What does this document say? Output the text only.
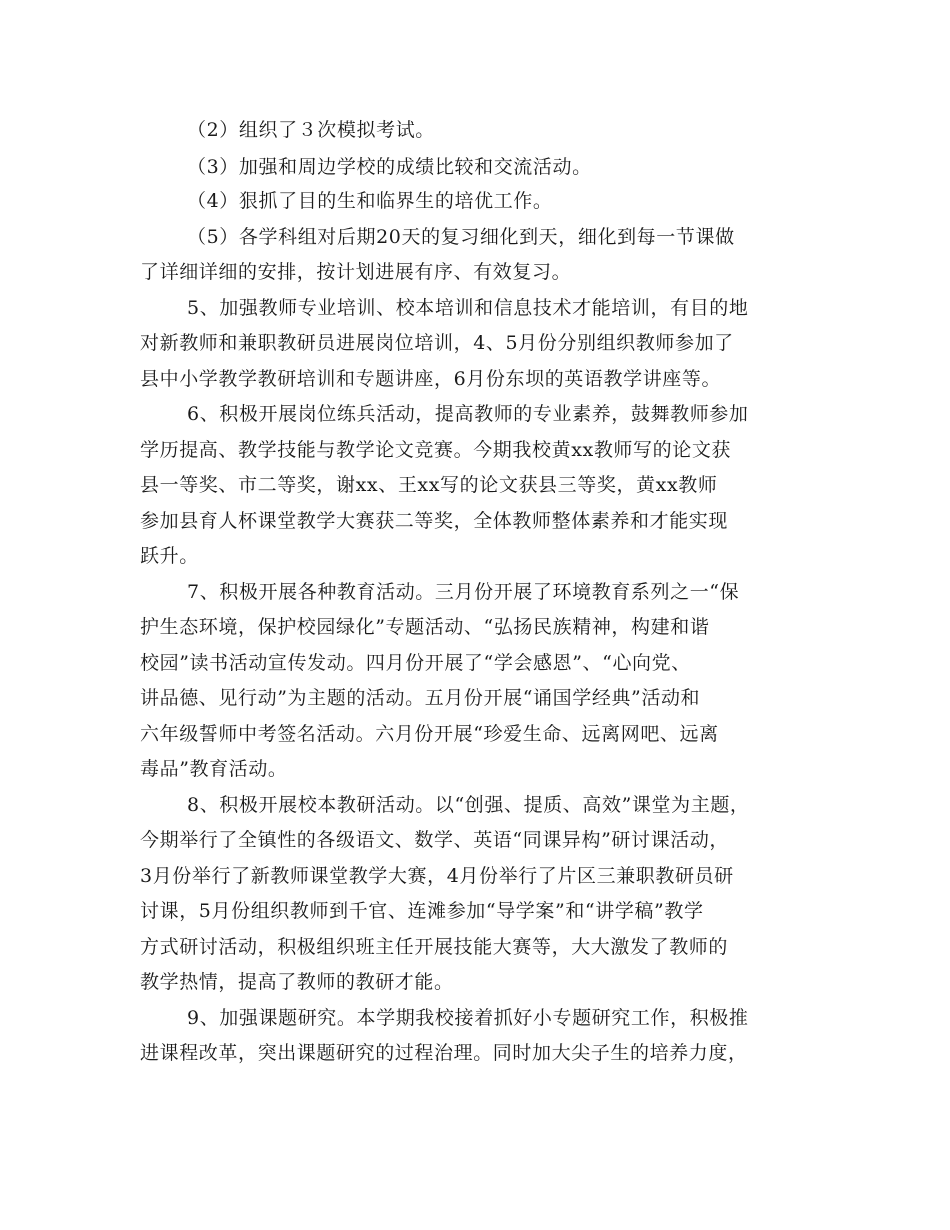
（2）组织了３次模拟考试。
（3）加强和周边学校的成绩比较和交流活动。
（4）狠抓了目的生和临界生的培优工作。
（5）各学科组对后期20天的复习细化到天，细化到每一节课做
了详细详细的安排，按计划进展有序、有效复习。
5、加强教师专业培训、校本培训和信息技术才能培训，有目的地
对新教师和兼职教研员进展岗位培训，4、5月份分别组织教师参加了
县中小学教学教研培训和专题讲座，6月份东坝的英语教学讲座等。
6、积极开展岗位练兵活动，提高教师的专业素养，鼓舞教师参加
学历提高、教学技能与教学论文竞赛。今期我校黄xx教师写的论文获
县一等奖、市二等奖，谢xx、王xx写的论文获县三等奖，黄xx教师
参加县育人杯课堂教学大赛获二等奖，全体教师整体素养和才能实现
跃升。
7、积极开展各种教育活动。三月份开展了环境教育系列之一“保
护生态环境，保护校园绿化”专题活动、“弘扬民族精神，构建和谐
校园”读书活动宣传发动。四月份开展了“学会感恩”、“心向党、
讲品德、见行动”为主题的活动。五月份开展“诵国学经典”活动和
六年级誓师中考签名活动。六月份开展“珍爱生命、远离网吧、远离
毒品”教育活动。
8、积极开展校本教研活动。以“创强、提质、高效”课堂为主题，
今期举行了全镇性的各级语文、数学、英语“同课异构”研讨课活动，
3月份举行了新教师课堂教学大赛，4月份举行了片区三兼职教研员研
讨课，5月份组织教师到千官、连滩参加“导学案”和“讲学稿”教学
方式研讨活动，积极组织班主任开展技能大赛等，大大激发了教师的
教学热情，提高了教师的教研才能。
9、加强课题研究。本学期我校接着抓好小专题研究工作，积极推
进课程改革，突出课题研究的过程治理。同时加大尖子生的培养力度，
